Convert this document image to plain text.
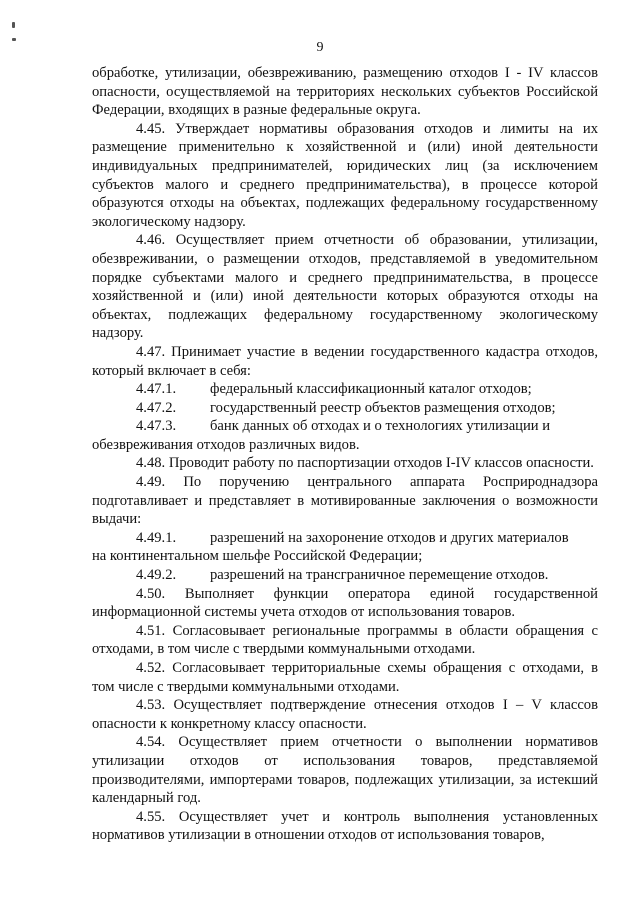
9

обработке, утилизации, обезвреживанию, размещению отходов I - IV классов опасности, осуществляемой на территориях нескольких субъектов Российской Федерации, входящих в разные федеральные округа.

4.45. Утверждает нормативы образования отходов и лимиты на их размещение применительно к хозяйственной и (или) иной деятельности индивидуальных предпринимателей, юридических лиц (за исключением субъектов малого и среднего предпринимательства), в процессе которой образуются отходы на объектах, подлежащих федеральному государственному экологическому надзору.

4.46. Осуществляет прием отчетности об образовании, утилизации, обезвреживании, о размещении отходов, представляемой в уведомительном порядке субъектами малого и среднего предпринимательства, в процессе хозяйственной и (или) иной деятельности которых образуются отходы на объектах, подлежащих федеральному государственному экологическому надзору.

4.47. Принимает участие в ведении государственного кадастра отходов, который включает в себя:

4.47.1.	федеральный классификационный каталог отходов;
4.47.2.	государственный реестр объектов размещения отходов;
4.47.3.	банк данных об отходах и о технологиях утилизации и

обезвреживания отходов различных видов.

4.48. Проводит работу по паспортизации отходов I-IV классов опасности.

4.49. По поручению центрального аппарата Росприроднадзора подготавливает и представляет в мотивированные заключения о возможности выдачи:

4.49.1.	разрешений на захоронение отходов и других материалов

на континентальном шельфе Российской Федерации;

4.49.2.	разрешений на трансграничное перемещение отходов.

4.50. Выполняет функции оператора единой государственной информационной системы учета отходов от использования товаров.

4.51. Согласовывает региональные программы в области обращения с отходами, в том числе с твердыми коммунальными отходами.

4.52. Согласовывает территориальные схемы обращения с отходами, в том числе с твердыми коммунальными отходами.

4.53. Осуществляет подтверждение отнесения отходов I – V классов опасности к конкретному классу опасности.

4.54. Осуществляет прием отчетности о выполнении нормативов утилизации отходов от использования товаров, представляемой производителями, импортерами товаров, подлежащих утилизации, за истекший календарный год.

4.55. Осуществляет учет и контроль выполнения установленных нормативов утилизации в отношении отходов от использования товаров,
